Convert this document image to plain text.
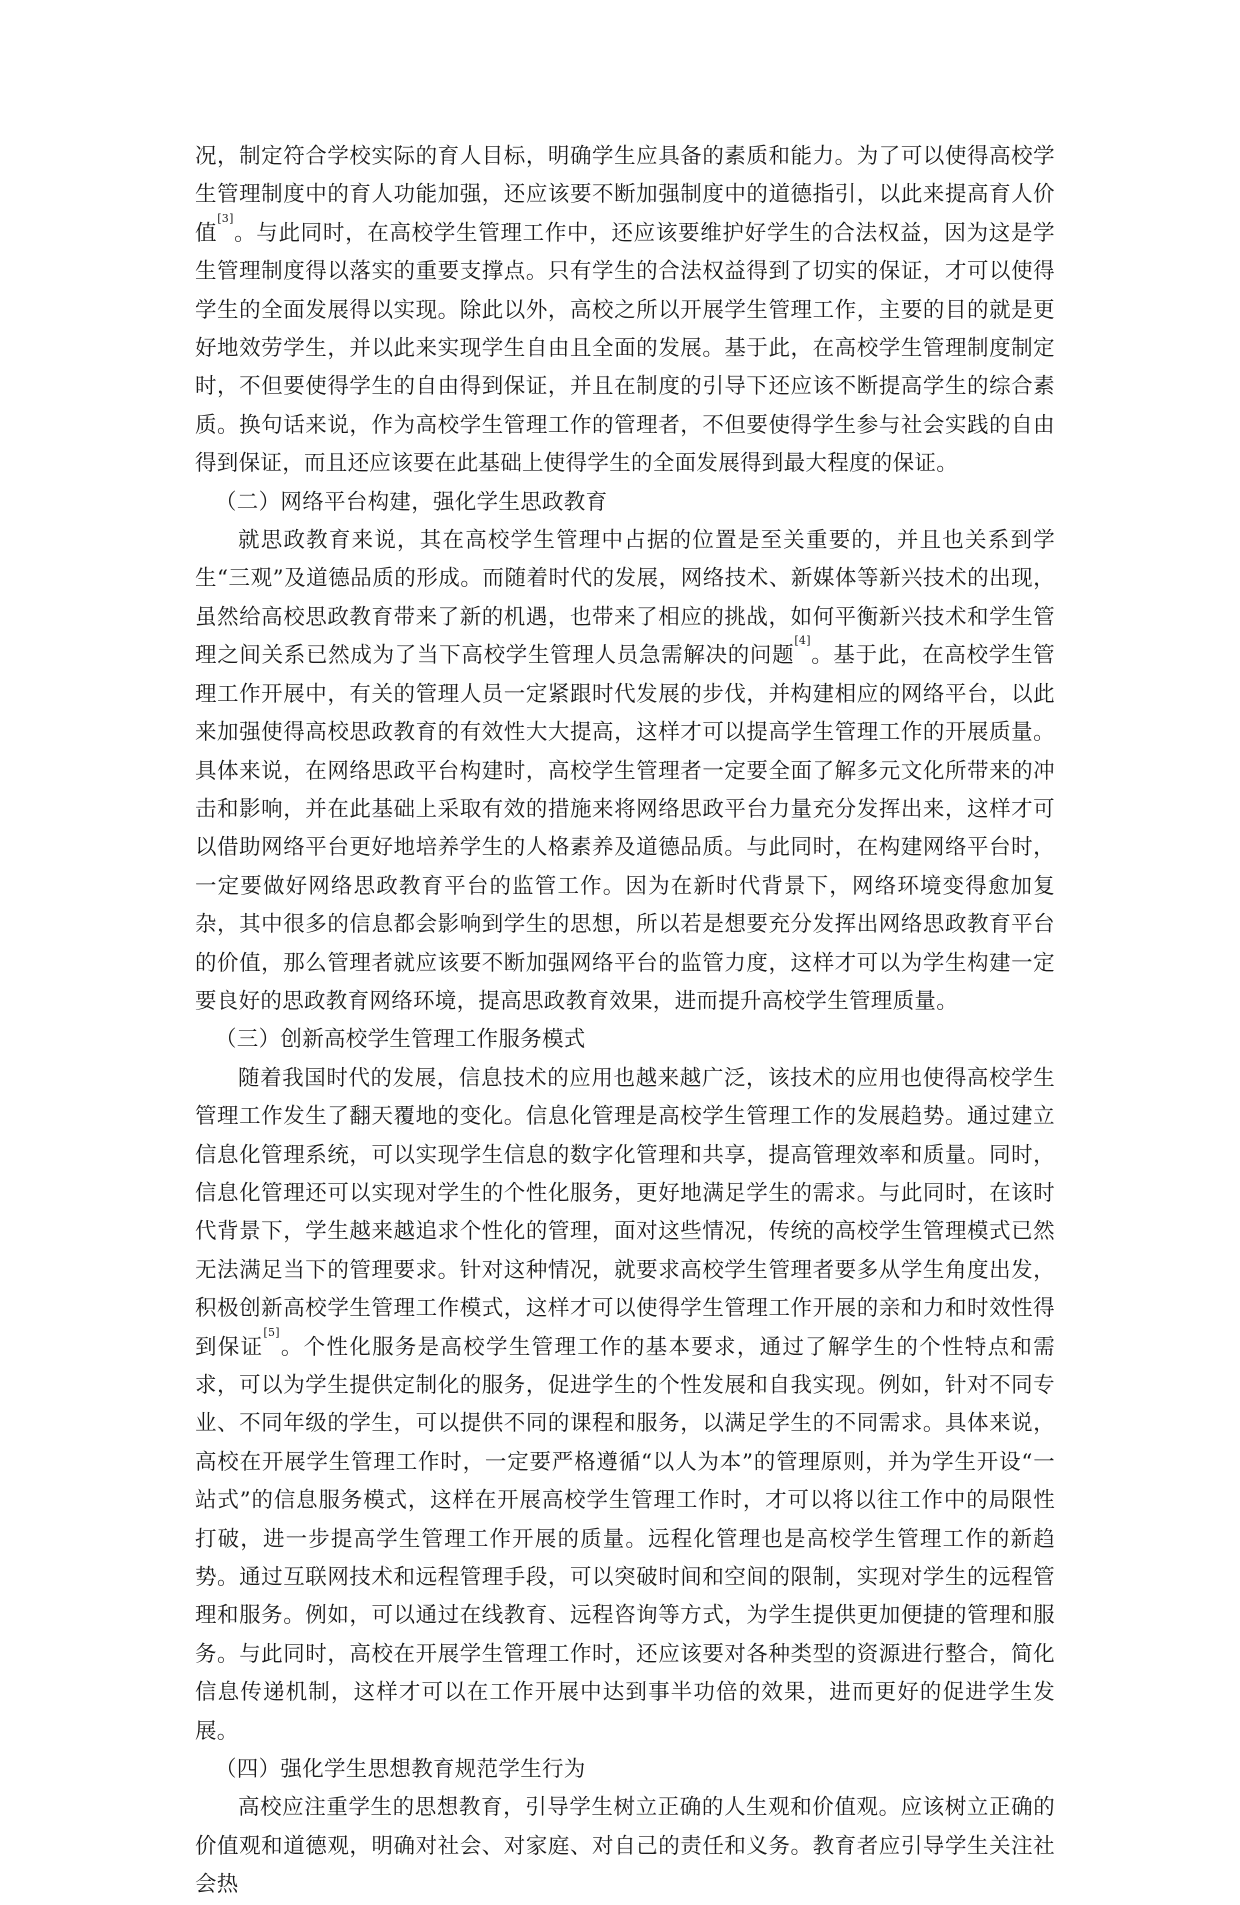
况，制定符合学校实际的育人目标，明确学生应具备的素质和能力。为了可以使得高校学生管理制度中的育人功能加强，还应该要不断加强制度中的道德指引，以此来提高育人价值[3]。与此同时，在高校学生管理工作中，还应该要维护好学生的合法权益，因为这是学生管理制度得以落实的重要支撑点。只有学生的合法权益得到了切实的保证，才可以使得学生的全面发展得以实现。除此以外，高校之所以开展学生管理工作，主要的目的就是更好地效劳学生，并以此来实现学生自由且全面的发展。基于此，在高校学生管理制度制定时，不但要使得学生的自由得到保证，并且在制度的引导下还应该不断提高学生的综合素质。换句话来说，作为高校学生管理工作的管理者，不但要使得学生参与社会实践的自由得到保证，而且还应该要在此基础上使得学生的全面发展得到最大程度的保证。

（二）网络平台构建，强化学生思政教育

就思政教育来说，其在高校学生管理中占据的位置是至关重要的，并且也关系到学生“三观”及道德品质的形成。而随着时代的发展，网络技术、新媒体等新兴技术的出现，虽然给高校思政教育带来了新的机遇，也带来了相应的挑战，如何平衡新兴技术和学生管理之间关系已然成为了当下高校学生管理人员急需解决的问题[4]。基于此，在高校学生管理工作开展中，有关的管理人员一定紧跟时代发展的步伐，并构建相应的网络平台，以此来加强使得高校思政教育的有效性大大提高，这样才可以提高学生管理工作的开展质量。具体来说，在网络思政平台构建时，高校学生管理者一定要全面了解多元文化所带来的冲击和影响，并在此基础上采取有效的措施来将网络思政平台力量充分发挥出来，这样才可以借助网络平台更好地培养学生的人格素养及道德品质。与此同时，在构建网络平台时，一定要做好网络思政教育平台的监管工作。因为在新时代背景下，网络环境变得愈加复杂，其中很多的信息都会影响到学生的思想，所以若是想要充分发挥出网络思政教育平台的价值，那么管理者就应该要不断加强网络平台的监管力度，这样才可以为学生构建一定要良好的思政教育网络环境，提高思政教育效果，进而提升高校学生管理质量。

（三）创新高校学生管理工作服务模式

随着我国时代的发展，信息技术的应用也越来越广泛，该技术的应用也使得高校学生管理工作发生了翻天覆地的变化。信息化管理是高校学生管理工作的发展趋势。通过建立信息化管理系统，可以实现学生信息的数字化管理和共享，提高管理效率和质量。同时，信息化管理还可以实现对学生的个性化服务，更好地满足学生的需求。与此同时，在该时代背景下，学生越来越追求个性化的管理，面对这些情况，传统的高校学生管理模式已然无法满足当下的管理要求。针对这种情况，就要求高校学生管理者要多从学生角度出发，积极创新高校学生管理工作模式，这样才可以使得学生管理工作开展的亲和力和时效性得到保证[5]。个性化服务是高校学生管理工作的基本要求，通过了解学生的个性特点和需求，可以为学生提供定制化的服务，促进学生的个性发展和自我实现。例如，针对不同专业、不同年级的学生，可以提供不同的课程和服务，以满足学生的不同需求。具体来说，高校在开展学生管理工作时，一定要严格遵循“以人为本”的管理原则，并为学生开设“一站式”的信息服务模式，这样在开展高校学生管理工作时，才可以将以往工作中的局限性打破，进一步提高学生管理工作开展的质量。远程化管理也是高校学生管理工作的新趋势。通过互联网技术和远程管理手段，可以突破时间和空间的限制，实现对学生的远程管理和服务。例如，可以通过在线教育、远程咨询等方式，为学生提供更加便捷的管理和服务。与此同时，高校在开展学生管理工作时，还应该要对各种类型的资源进行整合，简化信息传递机制，这样才可以在工作开展中达到事半功倍的效果，进而更好的促进学生发展。

（四）强化学生思想教育规范学生行为

高校应注重学生的思想教育，引导学生树立正确的人生观和价值观。应该树立正确的价值观和道德观，明确对社会、对家庭、对自己的责任和义务。教育者应引导学生关注社会热
